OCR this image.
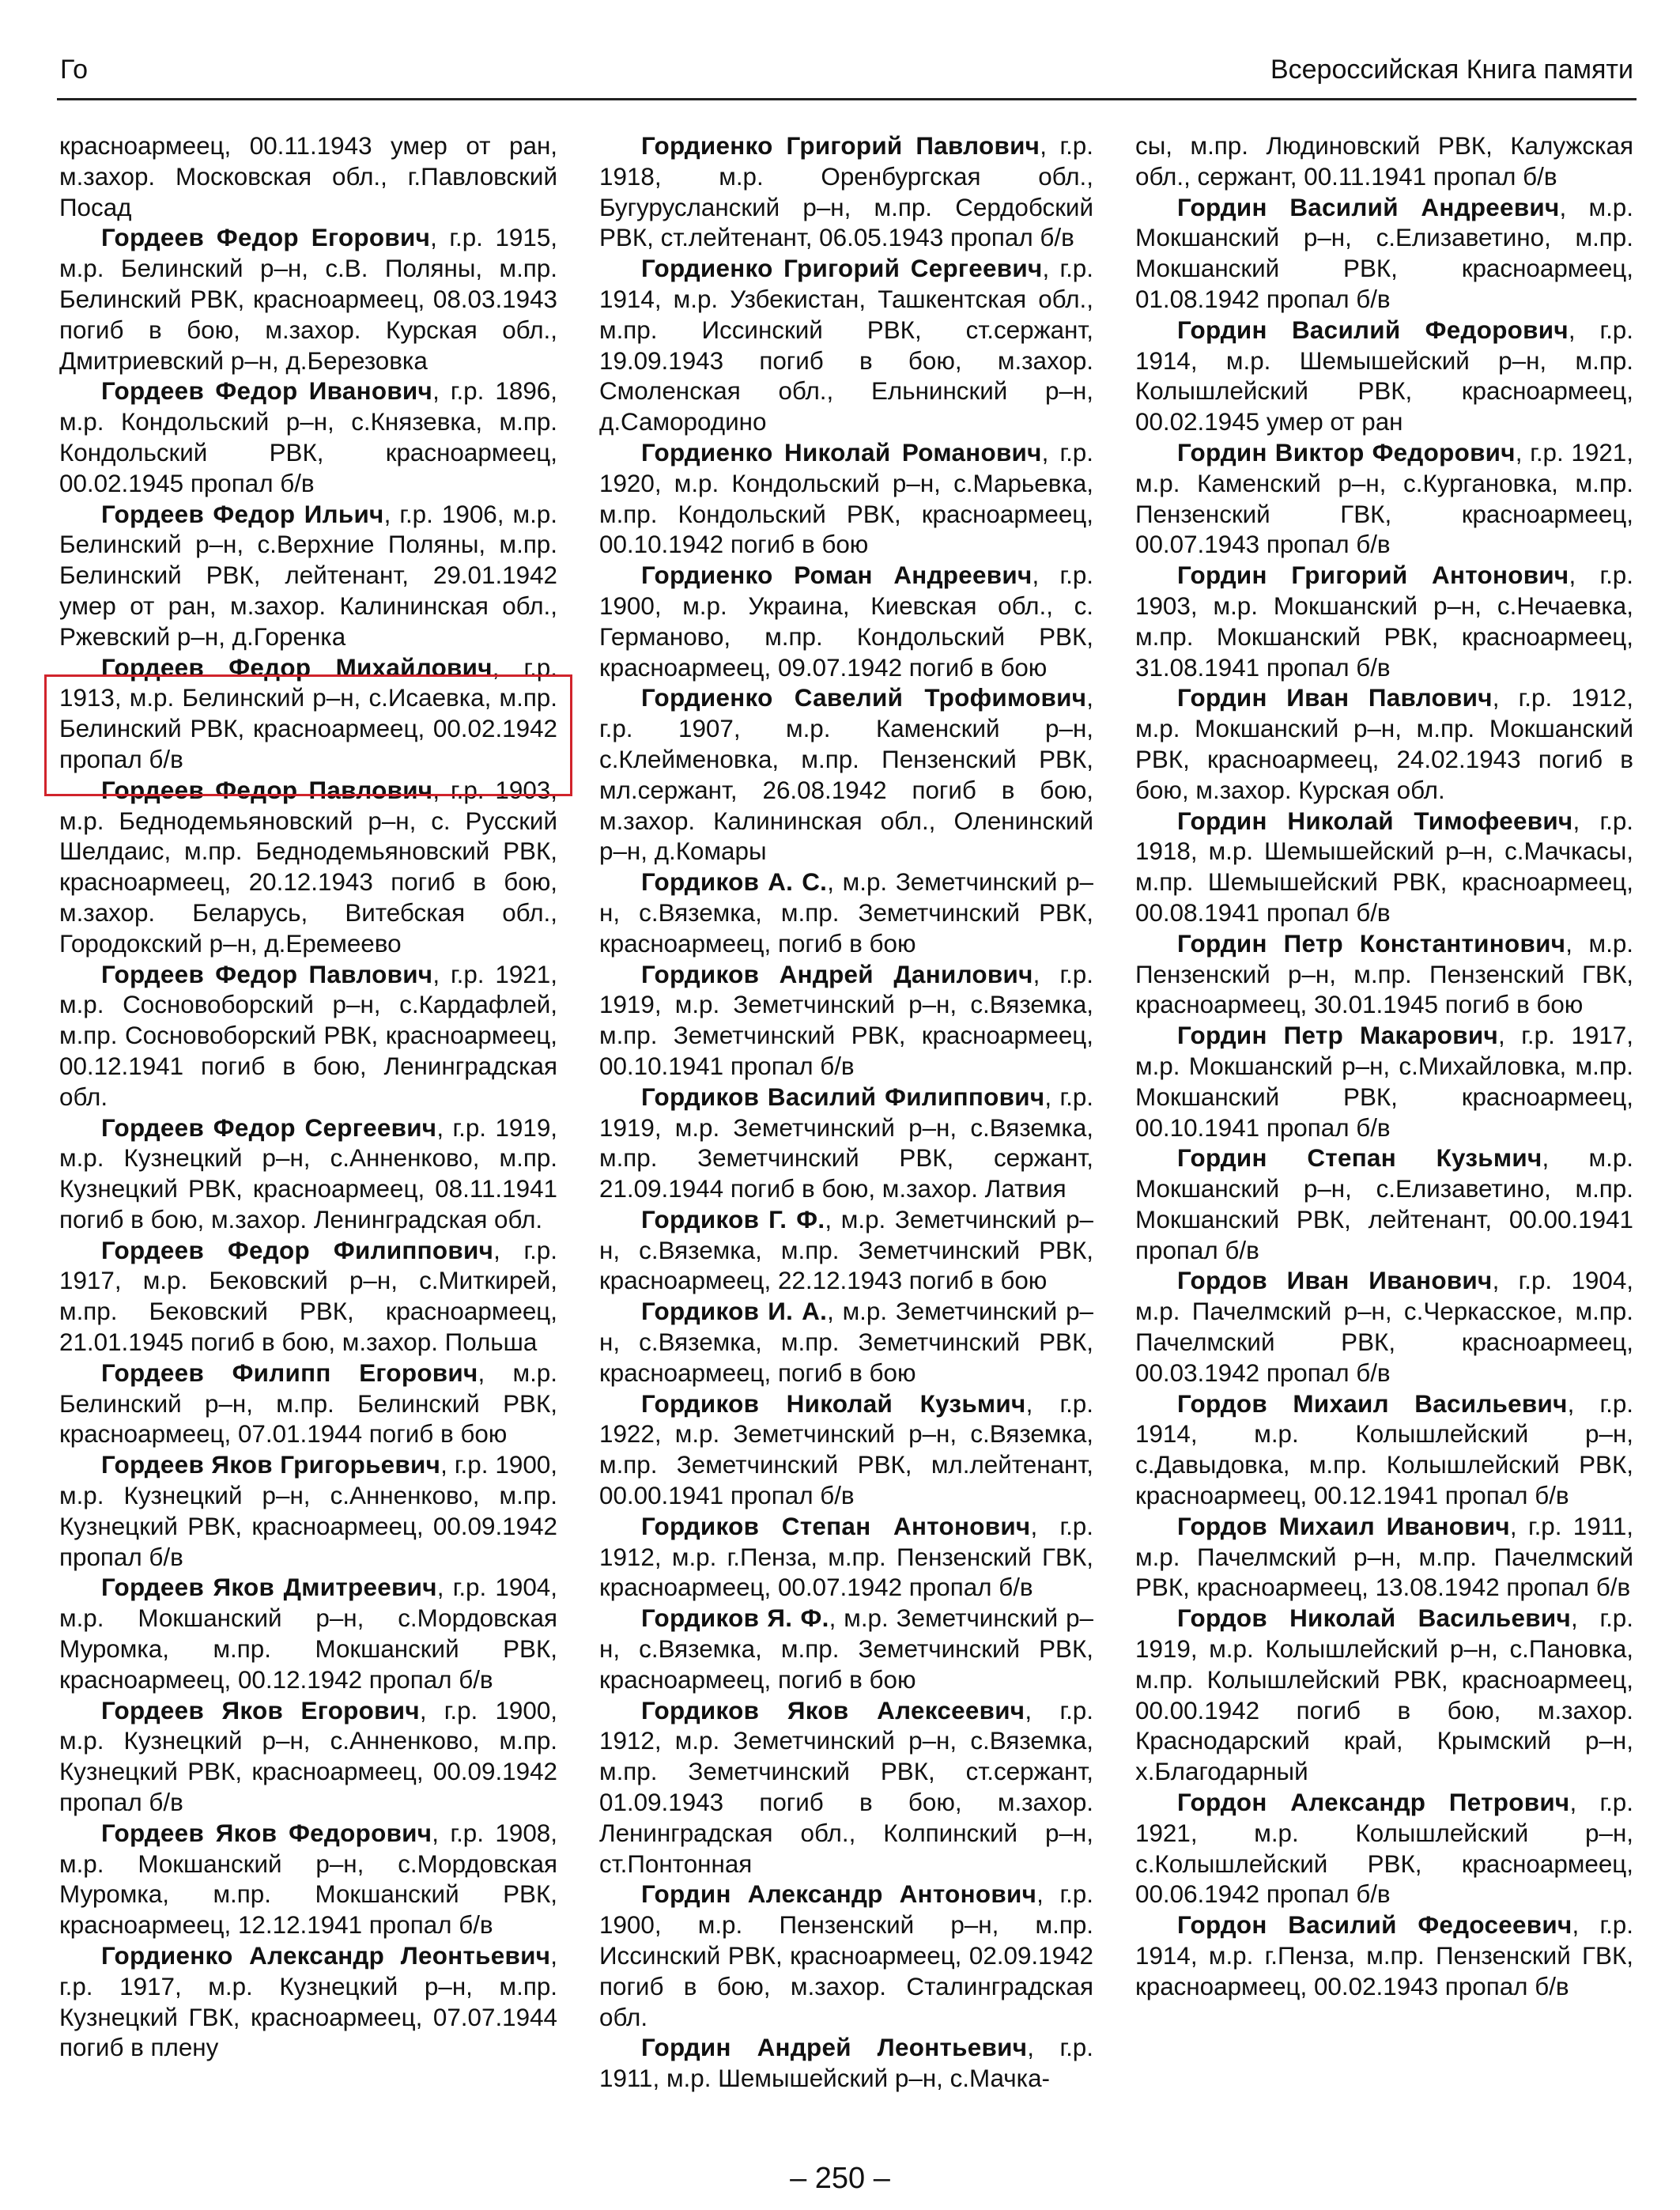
Го	Всероссийская Книга памяти

красноармеец, 00.11.1943 умер от ран, м.захор. Московская обл., г.Павловский Посад

Гордеев Федор Егорович, г.р. 1915, м.р. Белинский р–н, с.В. Поляны, м.пр. Белинский РВК, красноармеец, 08.03.1943 погиб в бою, м.захор. Курская обл., Дмитриевский р–н, д.Березовка

Гордеев Федор Иванович, г.р. 1896, м.р. Кондольский р–н, с.Князевка, м.пр. Кондольский РВК, красноармеец, 00.02.1945 пропал б/в

Гордеев Федор Ильич, г.р. 1906, м.р. Белинский р–н, с.Верхние Поляны, м.пр. Белинский РВК, лейтенант, 29.01.1942 умер от ран, м.захор. Калининская обл., Ржевский р–н, д.Горенка

Гордеев Федор Михайлович, г.р. 1913, м.р. Белинский р–н, с.Исаевка, м.пр. Белинский РВК, красноармеец, 00.02.1942 пропал б/в

Гордеев Федор Павлович, г.р. 1903, м.р. Беднодемьяновский р–н, с. Русский Шелдаис, м.пр. Беднодемьяновский РВК, красноармеец, 20.12.1943 погиб в бою, м.захор. Беларусь, Витебская обл., Городокский р–н, д.Еремеево

Гордеев Федор Павлович, г.р. 1921, м.р. Сосновоборский р–н, с.Кардафлей, м.пр. Сосновоборский РВК, красноармеец, 00.12.1941 погиб в бою, Ленинградская обл.

Гордеев Федор Сергеевич, г.р. 1919, м.р. Кузнецкий р–н, с.Анненково, м.пр. Кузнецкий РВК, красноармеец, 08.11.1941 погиб в бою, м.захор. Ленинградская обл.

Гордеев Федор Филиппович, г.р. 1917, м.р. Бековский р–н, с.Миткирей, м.пр. Бековский РВК, красноармеец, 21.01.1945 погиб в бою, м.захор. Польша

Гордеев Филипп Егорович, м.р. Белинский р–н, м.пр. Белинский РВК, красноармеец, 07.01.1944 погиб в бою

Гордеев Яков Григорьевич, г.р. 1900, м.р. Кузнецкий р–н, с.Анненково, м.пр. Кузнецкий РВК, красноармеец, 00.09.1942 пропал б/в

Гордеев Яков Дмитреевич, г.р. 1904, м.р. Мокшанский р–н, с.Мордовская Муромка, м.пр. Мокшанский РВК, красноармеец, 00.12.1942 пропал б/в

Гордеев Яков Егорович, г.р. 1900, м.р. Кузнецкий р–н, с.Анненково, м.пр. Кузнецкий РВК, красноармеец, 00.09.1942 пропал б/в

Гордеев Яков Федорович, г.р. 1908, м.р. Мокшанский р–н, с.Мордовская Муромка, м.пр. Мокшанский РВК, красноармеец, 12.12.1941 пропал б/в

Гордиенко Александр Леонтьевич, г.р. 1917, м.р. Кузнецкий р–н, м.пр. Кузнецкий ГВК, красноармеец, 07.07.1944 погиб в плену

Гордиенко Григорий Павлович, г.р. 1918, м.р. Оренбургская обл., Бугурусланский р–н, м.пр. Сердобский РВК, ст.лейтенант, 06.05.1943 пропал б/в

Гордиенко Григорий Сергеевич, г.р. 1914, м.р. Узбекистан, Ташкентская обл., м.пр. Иссинский РВК, ст.сержант, 19.09.1943 погиб в бою, м.захор. Смоленская обл., Ельнинский р–н, д.Самородино

Гордиенко Николай Романович, г.р. 1920, м.р. Кондольский р–н, с.Марьевка, м.пр. Кондольский РВК, красноармеец, 00.10.1942 погиб в бою

Гордиенко Роман Андреевич, г.р. 1900, м.р. Украина, Киевская обл., с. Германово, м.пр. Кондольский РВК, красноармеец, 09.07.1942 погиб в бою

Гордиенко Савелий Трофимович, г.р. 1907, м.р. Каменский р–н, с.Клейменовка, м.пр. Пензенский РВК, мл.сержант, 26.08.1942 погиб в бою, м.захор. Калининская обл., Оленинский р–н, д.Комары

Гордиков А. С., м.р. Земетчинский р–н, с.Вяземка, м.пр. Земетчинский РВК, красноармеец, погиб в бою

Гордиков Андрей Данилович, г.р. 1919, м.р. Земетчинский р–н, с.Вяземка, м.пр. Земетчинский РВК, красноармеец, 00.10.1941 пропал б/в

Гордиков Василий Филиппович, г.р. 1919, м.р. Земетчинский р–н, с.Вяземка, м.пр. Земетчинский РВК, сержант, 21.09.1944 погиб в бою, м.захор. Латвия

Гордиков Г. Ф., м.р. Земетчинский р–н, с.Вяземка, м.пр. Земетчинский РВК, красноармеец, 22.12.1943 погиб в бою

Гордиков И. А., м.р. Земетчинский р–н, с.Вяземка, м.пр. Земетчинский РВК, красноармеец, погиб в бою

Гордиков Николай Кузьмич, г.р. 1922, м.р. Земетчинский р–н, с.Вяземка, м.пр. Земетчинский РВК, мл.лейтенант, 00.00.1941 пропал б/в

Гордиков Степан Антонович, г.р. 1912, м.р. г.Пенза, м.пр. Пензенский ГВК, красноармеец, 00.07.1942 пропал б/в

Гордиков Я. Ф., м.р. Земетчинский р–н, с.Вяземка, м.пр. Земетчинский РВК, красноармеец, погиб в бою

Гордиков Яков Алексеевич, г.р. 1912, м.р. Земетчинский р–н, с.Вяземка, м.пр. Земетчинский РВК, ст.сержант, 01.09.1943 погиб в бою, м.захор. Ленинградская обл., Колпинский р–н, ст.Понтонная

Гордин Александр Антонович, г.р. 1900, м.р. Пензенский р–н, м.пр. Иссинский РВК, красноармеец, 02.09.1942 погиб в бою, м.захор. Сталинградская обл.

Гордин Андрей Леонтьевич, г.р. 1911, м.р. Шемышейский р–н, с.Мачка-

сы, м.пр. Людиновский РВК, Калужская обл., сержант, 00.11.1941 пропал б/в

Гордин Василий Андреевич, м.р. Мокшанский р–н, с.Елизаветино, м.пр. Мокшанский РВК, красноармеец, 01.08.1942 пропал б/в

Гордин Василий Федорович, г.р. 1914, м.р. Шемышейский р–н, м.пр. Колышлейский РВК, красноармеец, 00.02.1945 умер от ран

Гордин Виктор Федорович, г.р. 1921, м.р. Каменский р–н, с.Кургановка, м.пр. Пензенский ГВК, красноармеец, 00.07.1943 пропал б/в

Гордин Григорий Антонович, г.р. 1903, м.р. Мокшанский р–н, с.Нечаевка, м.пр. Мокшанский РВК, красноармеец, 31.08.1941 пропал б/в

Гордин Иван Павлович, г.р. 1912, м.р. Мокшанский р–н, м.пр. Мокшанский РВК, красноармеец, 24.02.1943 погиб в бою, м.захор. Курская обл.

Гордин Николай Тимофеевич, г.р. 1918, м.р. Шемышейский р–н, с.Мачкасы, м.пр. Шемышейский РВК, красноармеец, 00.08.1941 пропал б/в

Гордин Петр Константинович, м.р. Пензенский р–н, м.пр. Пензенский ГВК, красноармеец, 30.01.1945 погиб в бою

Гордин Петр Макарович, г.р. 1917, м.р. Мокшанский р–н, с.Михайловка, м.пр. Мокшанский РВК, красноармеец, 00.10.1941 пропал б/в

Гордин Степан Кузьмич, м.р. Мокшанский р–н, с.Елизаветино, м.пр. Мокшанский РВК, лейтенант, 00.00.1941 пропал б/в

Гордов Иван Иванович, г.р. 1904, м.р. Пачелмский р–н, с.Черкасское, м.пр. Пачелмский РВК, красноармеец, 00.03.1942 пропал б/в

Гордов Михаил Васильевич, г.р. 1914, м.р. Колышлейский р–н, с.Давыдовка, м.пр. Колышлейский РВК, красноармеец, 00.12.1941 пропал б/в

Гордов Михаил Иванович, г.р. 1911, м.р. Пачелмский р–н, м.пр. Пачелмский РВК, красноармеец, 13.08.1942 пропал б/в

Гордов Николай Васильевич, г.р. 1919, м.р. Колышлейский р–н, с.Пановка, м.пр. Колышлейский РВК, красноармеец, 00.00.1942 погиб в бою, м.захор. Краснодарский край, Крымский р–н, х.Благодарный

Гордон Александр Петрович, г.р. 1921, м.р. Колышлейский р–н, с.Колышлейский РВК, красноармеец, 00.06.1942 пропал б/в

Гордон Василий Федосеевич, г.р. 1914, м.р. г.Пенза, м.пр. Пензенский ГВК, красноармеец, 00.02.1943 пропал б/в

– 250 –
